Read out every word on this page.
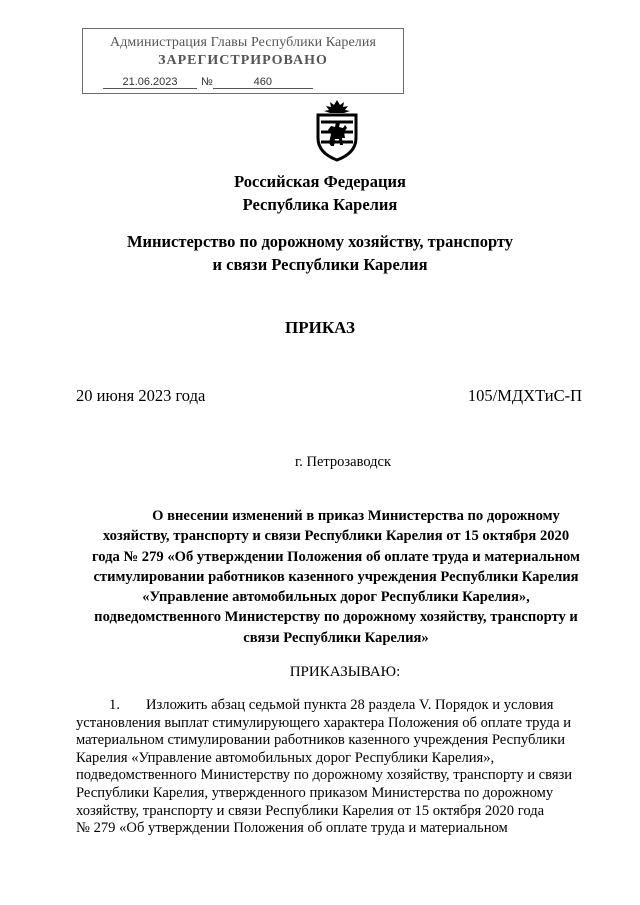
Администрация Главы Республики Карелия
ЗАРЕГИСТРИРОВАНО
21.06.2023 №	460
Российская Федерация
Республика Карелия
Министерство по дорожному хозяйству, транспорту
и связи Республики Карелия
ПРИКАЗ
20 июня 2023 года	105/МДХТиС-П
г. Петрозаводск
О внесении изменений в приказ Министерства по дорожному
хозяйству, транспорту и связи Республики Карелия от 15 октября 2020
года № 279 «Об утверждении Положения об оплате труда и материальном
стимулировании работников казенного учреждения Республики Карелия
«Управление автомобильных дорог Республики Карелия»,
подведомственного Министерству по дорожному хозяйству, транспорту и
связи Республики Карелия»
ПРИКАЗЫВАЮ:
1.	Изложить абзац седьмой пункта 28 раздела V. Порядок и условия
установления выплат стимулирующего характера Положения об оплате труда и
материальном стимулировании работников казенного учреждения Республики
Карелия «Управление автомобильных дорог Республики Карелия»,
подведомственного Министерству по дорожному хозяйству, транспорту и связи
Республики Карелия, утвержденного приказом Министерства по дорожному
хозяйству, транспорту и связи Республики Карелия от 15 октября 2020 года
№ 279 «Об утверждении Положения об оплате труда и материальном
